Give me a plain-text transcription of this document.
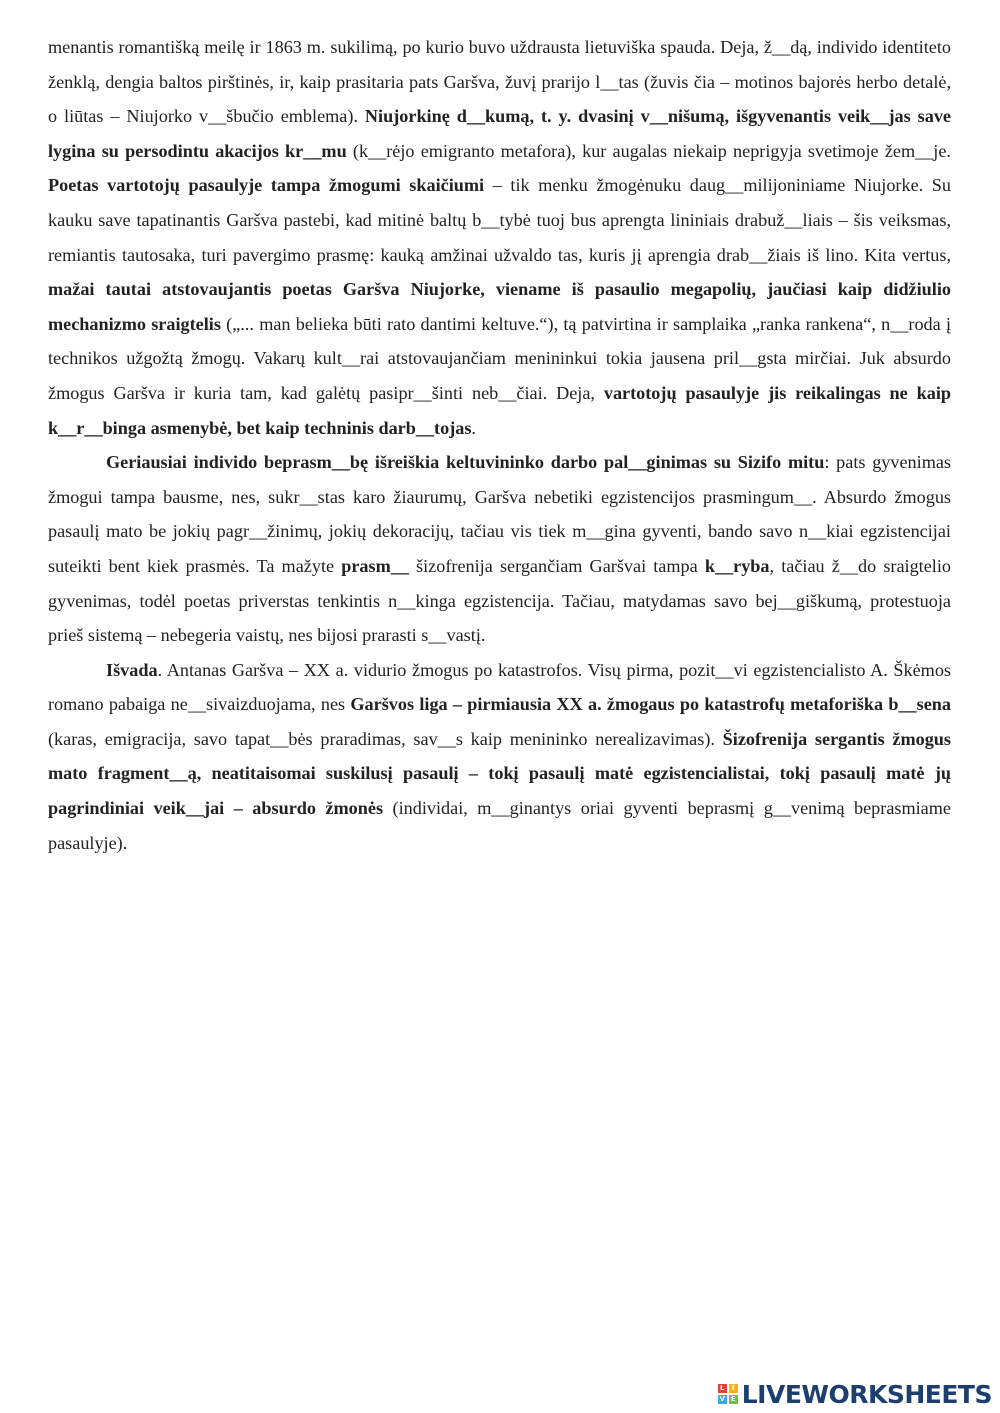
menantis romantišką meilę ir 1863 m. sukilimą, po kurio buvo uždrausta lietuviška spauda. Deja, ž__dą, individo identiteto ženklą, dengia baltos pirštinės, ir, kaip prasitaria pats Garšva, žuvį prarijo l__tas (žuvis čia – motinos bajorės herbo detalė, o liūtas – Niujorko v__šbučio emblema). Niujorkinę d__kumą, t. y. dvasinį v__nišumą, išgyvenantis veik__jas save lygina su persodintu akacijos kr__mu (k__rėjo emigranto metafora), kur augalas niekaip neprigyja svetimoje žem__je. Poetas vartotojų pasaulyje tampa žmogumi skaičiumi – tik menku žmogėnuku daug__milijoniniame Niujorke. Su kauku save tapatinantis Garšva pastebi, kad mitinė baltų b__tybė tuoj bus aprengta lininiais drabuž__liais – šis veiksmas, remiantis tautosaka, turi pavergimo prasmę: kauką amžinai užvaldo tas, kuris jį aprengia drab__žiais iš lino. Kita vertus, mažai tautai atstovaujantis poetas Garšva Niujorke, viename iš pasaulio megapolių, jaučiasi kaip didžiulio mechanizmo sraigtelis („... man belieka būti rato dantimi keltuve.“), tą patvirtina ir samplaika „ranka rankena“, n__roda į technikos užgožtą žmogų. Vakarų kult__rai atstovaujančiam menininkui tokia jausena pril__gsta mirčiai. Juk absurdo žmogus Garšva ir kuria tam, kad galėtų pasipr__šinti neb__čiai. Deja, vartotojų pasaulyje jis reikalingas ne kaip k__r__binga asmenybė, bet kaip techninis darb__tojas.

Geriausiai individo beprasm__bę išreiškia keltuvininko darbo pal__ginimas su Sizifo mitu: pats gyvenimas žmogui tampa bausme, nes, sukr__stas karo žiaurumų, Garšva nebetiki egzistencijos prasmingum__. Absurdo žmogus pasaulį mato be jokių pagr__žinimų, jokių dekoracijų, tačiau vis tiek m__gina gyventi, bando savo n__kiai egzistencijai suteikti bent kiek prasmės. Ta mažyte prasm__ šizofrenija sergančiam Garšvai tampa k__ryba, tačiau ž__do sraigtelio gyvenimas, todėl poetas priverstas tenkintis n__kinga egzistencija. Tačiau, matydamas savo bej__giškumą, protestuoja prieš sistemą – nebegeria vaistų, nes bijosi prarasti s__vastį.

Išvada. Antanas Garšva – XX a. vidurio žmogus po katastrofos. Visų pirma, pozit__vi egzistencialisto A. Škėmos romano pabaiga ne__sivaizduojama, nes Garšvos liga – pirmiausia XX a. žmogaus po katastrofų metaforiška b__sena (karas, emigracija, savo tapat__bės praradimas, sav__s kaip menininko nerealizavimas). Šizofrenija sergantis žmogus mato fragment__ą, neatitaisomai suskilusį pasaulį – tokį pasaulį matė egzistencialistai, tokį pasaulį matė jų pagrindiniai veik__jai – absurdo žmonės (individai, m__ginantys oriai gyventi beprasmį g__venimą beprasmiame pasaulyje).

L	I
V E LIVEWORKSHEETS
